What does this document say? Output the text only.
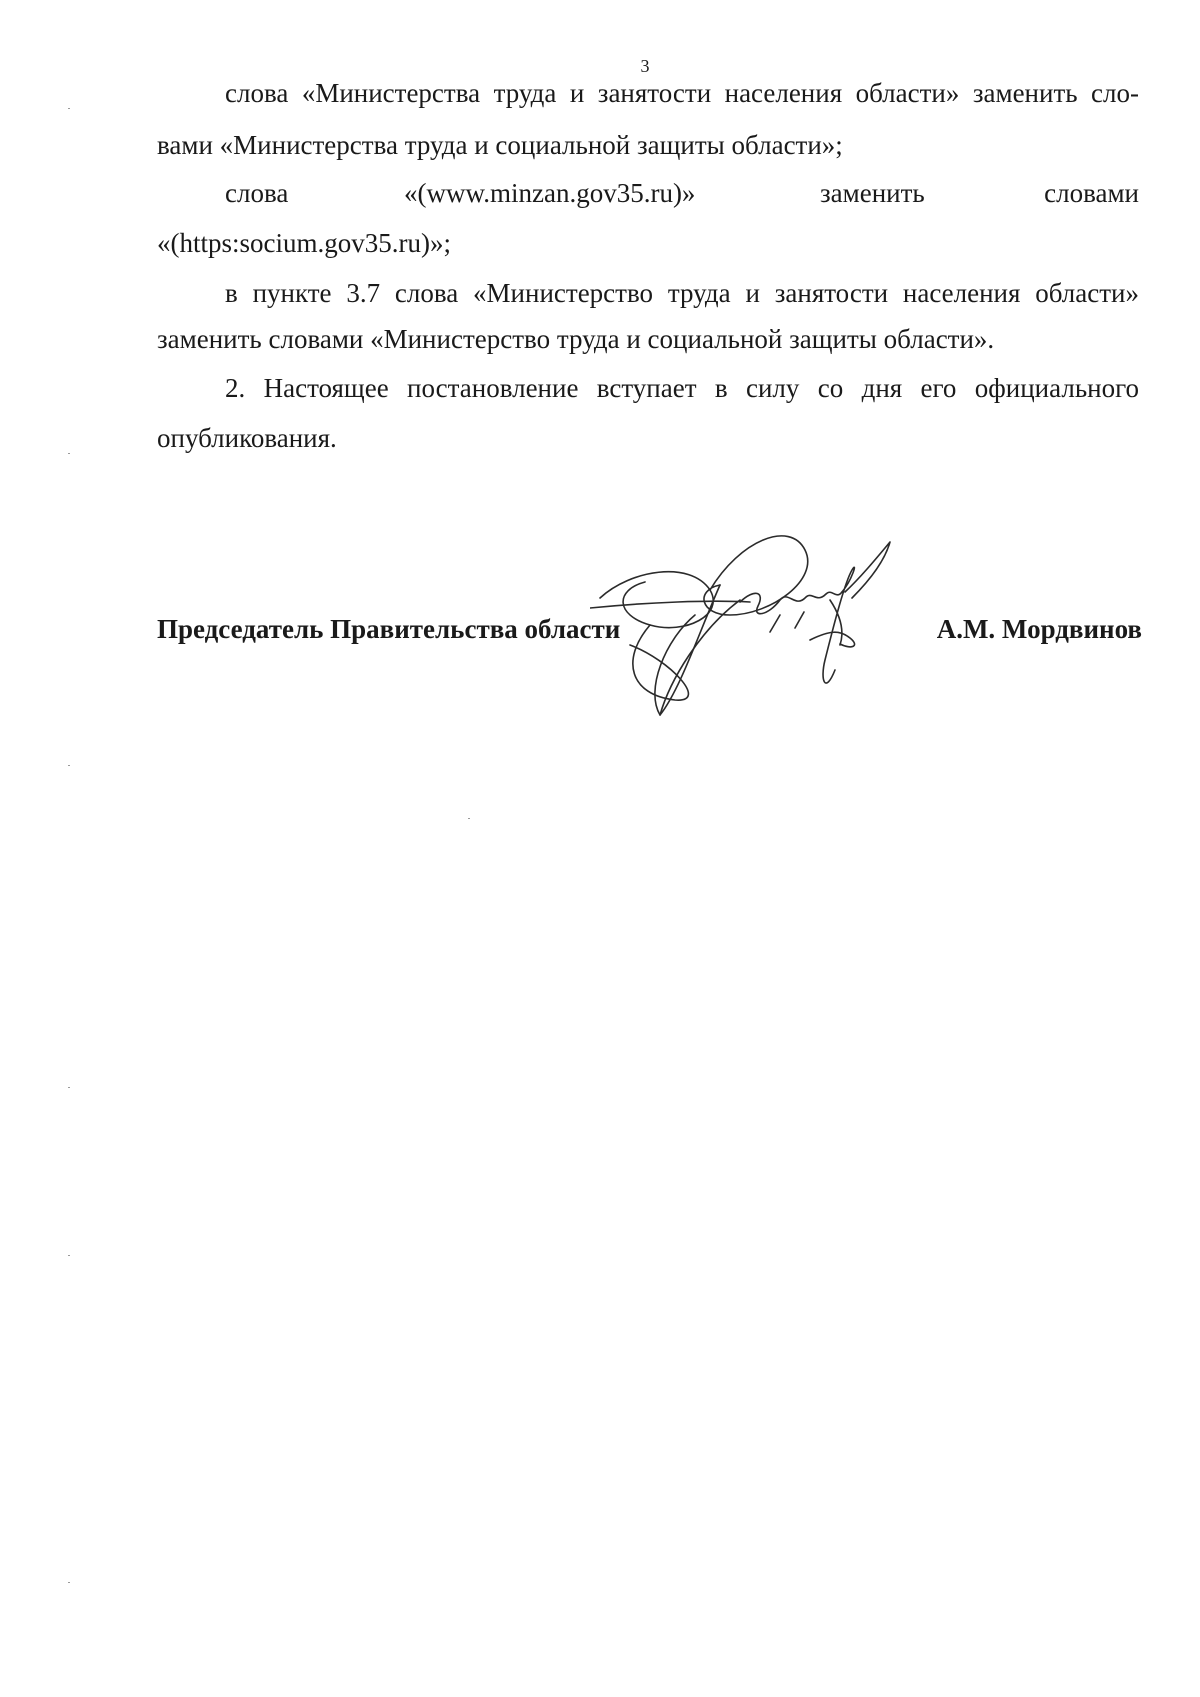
3
слова «Министерства труда и занятости населения области» заменить сло-
вами «Министерства труда и социальной защиты области»;
слова	«(www.minzan.gov35.ru)»	заменить	словами
«(https:socium.gov35.ru)»;
в пункте 3.7 слова «Министерство труда и занятости населения области»
заменить словами «Министерство труда и социальной защиты области».
2. Настоящее постановление вступает в силу со дня его официального
опубликования.
Председатель Правительства области	А.М. Мордвинов
